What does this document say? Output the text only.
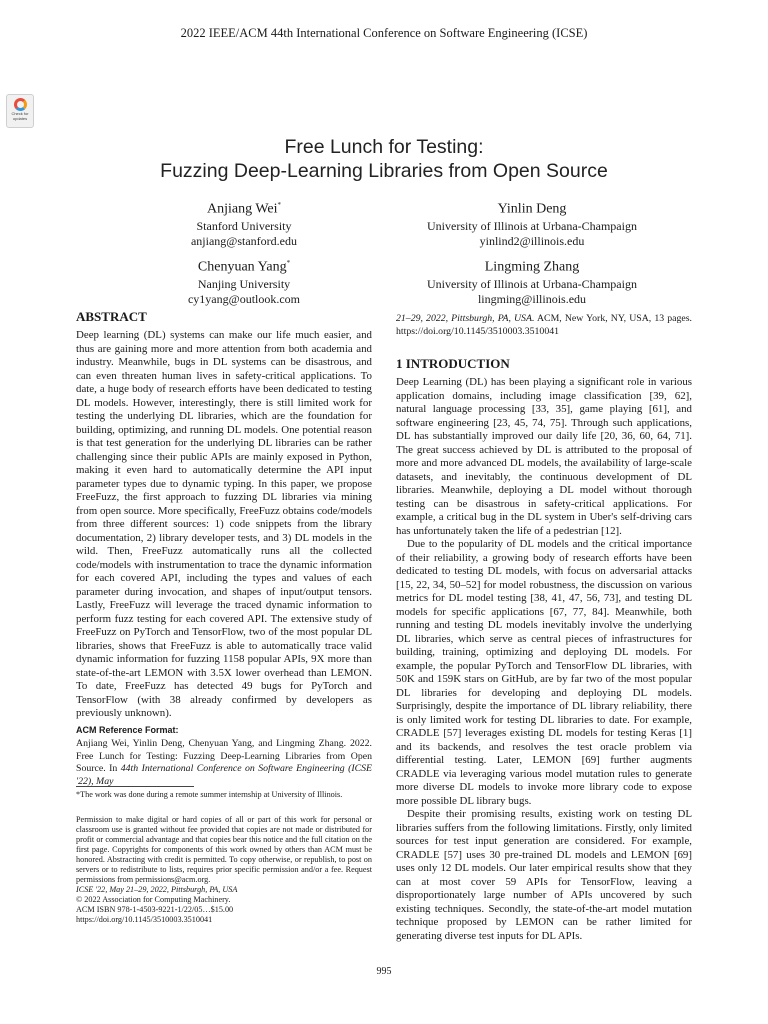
2022 IEEE/ACM 44th International Conference on Software Engineering (ICSE)
Check for
updates
Free Lunch for Testing:
Fuzzing Deep-Learning Libraries from Open Source
Anjiang Wei*
Stanford University
anjiang@stanford.edu
Yinlin Deng
University of Illinois at Urbana-Champaign
yinlind2@illinois.edu
Chenyuan Yang*
Nanjing University
cy1yang@outlook.com
Lingming Zhang
University of Illinois at Urbana-Champaign
lingming@illinois.edu
ABSTRACT

Deep learning (DL) systems can make our life much easier, and thus are gaining more and more attention from both academia and industry. Meanwhile, bugs in DL systems can be disastrous, and can even threaten human lives in safety-critical applications. To date, a huge body of research efforts have been dedicated to testing DL models. However, interestingly, there is still limited work for testing the underlying DL libraries, which are the foundation for building, optimizing, and running DL models. One potential reason is that test generation for the underlying DL libraries can be rather challenging since their public APIs are mainly exposed in Python, making it even hard to automatically determine the API input parameter types due to dynamic typing. In this paper, we propose FreeFuzz, the first approach to fuzzing DL libraries via mining from open source. More specifically, FreeFuzz obtains code/models from three different sources: 1) code snippets from the library documentation, 2) library developer tests, and 3) DL models in the wild. Then, FreeFuzz automatically runs all the collected code/models with instrumentation to trace the dynamic information for each covered API, including the types and values of each parameter during invocation, and shapes of input/output tensors. Lastly, FreeFuzz will leverage the traced dynamic information to perform fuzz testing for each covered API. The extensive study of FreeFuzz on PyTorch and TensorFlow, two of the most popular DL libraries, shows that FreeFuzz is able to automatically trace valid dynamic information for fuzzing 1158 popular APIs, 9X more than state-of-the-art LEMON with 3.5X lower overhead than LEMON. To date, FreeFuzz has detected 49 bugs for PyTorch and TensorFlow (with 38 already confirmed by developers as previously unknown).

ACM Reference Format:
Anjiang Wei, Yinlin Deng, Chenyuan Yang, and Lingming Zhang. 2022. Free Lunch for Testing: Fuzzing Deep-Learning Libraries from Open Source. In 44th International Conference on Software Engineering (ICSE '22), May
*The work was done during a remote summer internship at University of Illinois.
Permission to make digital or hard copies of all or part of this work for personal or classroom use is granted without fee provided that copies are not made or distributed for profit or commercial advantage and that copies bear this notice and the full citation on the first page. Copyrights for components of this work owned by others than ACM must be honored. Abstracting with credit is permitted. To copy otherwise, or republish, to post on servers or to redistribute to lists, requires prior specific permission and/or a fee. Request permissions from permissions@acm.org.
ICSE '22, May 21–29, 2022, Pittsburgh, PA, USA
© 2022 Association for Computing Machinery.
ACM ISBN 978-1-4503-9221-1/22/05…$15.00
https://doi.org/10.1145/3510003.3510041
21–29, 2022, Pittsburgh, PA, USA. ACM, New York, NY, USA, 13 pages. https://doi.org/10.1145/3510003.3510041
1 INTRODUCTION

Deep Learning (DL) has been playing a significant role in various application domains, including image classification [39, 62], natural language processing [33, 35], game playing [61], and software engineering [23, 45, 74, 75]. Through such applications, DL has substantially improved our daily life [20, 36, 60, 64, 71]. The great success achieved by DL is attributed to the proposal of more and more advanced DL models, the availability of large-scale datasets, and inevitably, the continuous development of DL libraries. Meanwhile, deploying a DL model without thorough testing can be disastrous in safety-critical applications. For example, a critical bug in the DL system in Uber's self-driving cars has unfortunately taken the life of a pedestrian [12].

Due to the popularity of DL models and the critical importance of their reliability, a growing body of research efforts have been dedicated to testing DL models, with focus on adversarial attacks [15, 22, 34, 50–52] for model robustness, the discussion on various metrics for DL model testing [38, 41, 47, 56, 73], and testing DL models for specific applications [67, 77, 84]. Meanwhile, both running and testing DL models inevitably involve the underlying DL libraries, which serve as central pieces of infrastructures for building, training, optimizing and deploying DL models. For example, the popular PyTorch and TensorFlow DL libraries, with 50K and 159K stars on GitHub, are by far two of the most popular DL libraries for developing and deploying DL models. Surprisingly, despite the importance of DL library reliability, there is only limited work for testing DL libraries to date. For example, CRADLE [57] leverages existing DL models for testing Keras [1] and its backends, and resolves the test oracle problem via differential testing. Later, LEMON [69] further augments CRADLE via leveraging various model mutation rules to generate more diverse DL models to invoke more library code to expose more possible DL library bugs.

Despite their promising results, existing work on testing DL libraries suffers from the following limitations. Firstly, only limited sources for test input generation are considered. For example, CRADLE [57] uses 30 pre-trained DL models and LEMON [69] uses only 12 DL models. Our later empirical results show that they can at most cover 59 APIs for TensorFlow, leaving a disproportionately large number of APIs uncovered by such existing techniques. Secondly, the state-of-the-art model mutation technique proposed by LEMON can be rather limited for generating diverse test inputs for DL APIs.

995
